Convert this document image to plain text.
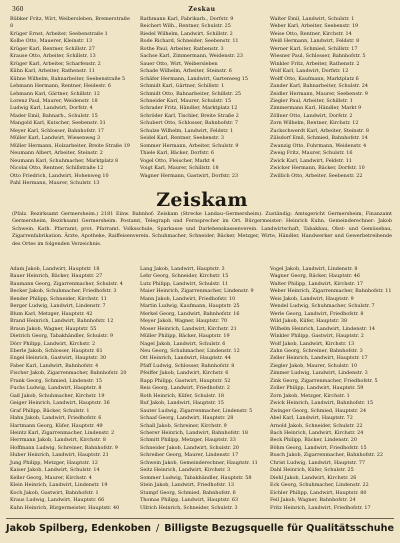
360	Zeskau
Rübker Fritz, Wirt, Weibersleben, Bremerstraße 8
Krüger Ernst, Arbeiter, Seebenstraße 1
Kolbe Otto, Mauerer, Kleinstr. 13
Krüger Karl, Rentner, Schillstr. 27
Krause Otto, Arbeiter, Schillstr. 13
Krüger Karl, Arbeiter, Scharfenstr. 2
Kühn Karl, Arbeiter, Rathenstr. 11
Kühne Wilhelm, Bahnarbeiter, Seebenstraße 5
Lehmann Hermann, Rentner, Heidestr. 6
Lehmann Karl, Gärtner, Schillstr. 12
Lorenz Paul, Maurer, Weidenstr. 18
Ludwig Karl, Landwirt, Dorfstr. 4
Mader Emil, Bahnarb., Schulstr. 15
Mangold Karl, Kutscher, Seebenstr. 31
Meyer Karl, Schlosser, Bahnhofstr. 17
Müller Karl, Landwirt, Wiesenweg 3
Müller Hermann, Holzarbeiter, Breite Straße 19
Neumann Albert, Arbeiter, Steinstr. 2
Neumann Karl, Schuhmacher, Marktplatz 8
Nicolai Otto, Rentner, Schillstraße 12
Otto Friedrich, Landwirt, Hohenweg 10
Pahl Hermann, Maurer, Schulstr. 13
Rathmann Karl, Fabrikarb., Dorfstr. 9
Reichert Wilh., Rentner, Schulstr. 25
Riedel Wilhelm, Landwirt, Schillstr. 2
Rode Richard, Schneider, Seebenstr. 11
Rothe Paul, Arbeiter, Rathenstr. 3
Sachse Karl, Zimmermann, Weidenstr. 23
Sauer Otto, Wirt, Weibersleben
Schade Wilhelm, Arbeiter, Steinstr. 6
Schäfer Hermann, Landwirt, Gartenweg 15
Schmidt Karl, Gärtner, Schillstr. 1
Schmidt Otto, Bahnarbeiter, Schillstr. 25
Schneider Karl, Maurer, Schulstr. 15
Schrader Fritz, Händler, Marktplatz 12
Schröder Karl, Tischler, Breite Straße 2
Schubert Otto, Schlosser, Bahnhofstr. 7
Schulze Wilhelm, Landwirt, Feldstr. 1
Seidel Karl, Rentner, Seebenstr. 3
Sommer Hermann, Arbeiter, Schulstr. 9
Thiele Karl, Bäcker, Dorfstr. 6
Vogel Otto, Fleischer, Markt 4
Voigt Karl, Maurer, Schillstr. 18
Wagner Hermann, Gastwirt, Dorfstr. 23
Walter Emil, Landwirt, Schulstr. 1
Weber Karl, Arbeiter, Seebenstr. 19
Weise Otto, Rentner, Kirchstr. 14
Weiß Hermann, Landwirt, Feldstr. 8
Werner Karl, Schmied, Schillstr. 17
Wiesner Paul, Schlosser, Bahnhofstr. 5
Winkler Fritz, Arbeiter, Rathenstr. 2
Wolf Karl, Landwirt, Dorfstr. 12
Wolff Otto, Kaufmann, Marktplatz 6
Zander Karl, Bahnarbeiter, Schulstr. 24
Zeidler Hermann, Maurer, Seebenstr. 9
Ziegler Paul, Arbeiter, Schillstr. 1
Zimmermann Karl, Händler, Markt 9
Zöllner Otto, Landwirt, Dorfstr. 2
Zorn Wilhelm, Rentner, Kirchstr. 12
Zuckschwerdt Karl, Arbeiter, Steinstr. 8
Zülsdorf Emil, Schmied, Bahnhofstr. 14
Zwanzig Otto, Fuhrmann, Weidenstr. 4
Zweig Fritz, Maurer, Schulstr. 16
Zwick Karl, Landwirt, Feldstr. 11
Zwicker Hermann, Bäcker, Dorfstr. 10
Zwillich Otto, Arbeiter, Seebenstr. 22
Zeiskam
(Pfalz. Bezirksamt Germersheim.) 2181 Einw. Bahnhof: Zeiskam (Strecke Landau–Germersheim). Zuständig: Amtsgericht Germersheim, Finanzamt Germersheim, Bezirksamt Germersheim. Postamt, Telegraph und Fernsprecher im Ort. Bürgermeister: Heinrich Kuhn. Gemeinderechner: Jakob Schwein. Kath. Pfarramt, prot. Pfarramt. Volksschule, Sparkasse und Darlehenskassenverein. Landwirtschaft, Tabakbau, Obst- und Gemüsebau, Zigarrenfabrikation. Ärzte, Apotheke, Raiffeisenverein. Schuhmacher, Schneider, Bäcker, Metzger, Wirte, Händler, Handwerker und Gewerbetreibende des Ortes im folgenden Verzeichnis.
Adam Jakob, Landwirt, Hauptstr. 18
Bauer Heinrich, Bäcker, Hauptstr. 27
Baumann Georg, Zigarrenmacher, Schulstr. 4
Becker Jakob, Schuhmacher, Friedhofstr. 3
Bender Philipp, Schneider, Kirchstr. 11
Berger Ludwig, Landwirt, Lindenstr. 7
Blum Karl, Metzger, Hauptstr. 42
Brand Heinrich, Landwirt, Bahnhofstr. 12
Braun Jakob, Wagner, Hauptstr. 55
Dietrich Georg, Tabakhändler, Schulstr. 9
Dörr Philipp, Landwirt, Kirchstr. 2
Eberle Jakob, Schlosser, Hauptstr. 61
Engel Heinrich, Gastwirt, Hauptstr. 30
Faber Karl, Landwirt, Bahnhofstr. 4
Fischer Jakob, Zigarrenmacher, Bahnhofstr. 20
Frank Georg, Schmied, Lindenstr. 15
Fuchs Ludwig, Landwirt, Hauptstr. 8
Gaß Jakob, Schuhmacher, Kirchstr. 19
Geiger Heinrich, Landwirt, Hauptstr. 36
Graf Philipp, Bäcker, Schulstr. 1
Hahn Jakob, Landwirt, Friedhofstr. 6
Hartmann Georg, Küfer, Hauptstr. 49
Heintz Karl, Zigarrenmacher, Lindenstr. 2
Herrmann Jakob, Landwirt, Kirchstr. 8
Hoffmann Ludwig, Schreiner, Bahnhofstr. 9
Huber Heinrich, Landwirt, Hauptstr. 21
Jung Philipp, Metzger, Hauptstr. 12
Kaiser Jakob, Landwirt, Schulstr. 14
Keller Georg, Maurer, Kirchstr. 4
Klein Heinrich, Landwirt, Lindenstr. 19
Koch Jakob, Gastwirt, Bahnhofstr. 1
Kraus Ludwig, Landwirt, Hauptstr. 66
Kuhn Heinrich, Bürgermeister, Hauptstr. 40
Lang Jakob, Landwirt, Hauptstr. 3
Lehr Georg, Schneider, Kirchstr. 15
Lutz Philipp, Landwirt, Schulstr. 11
Maier Heinrich, Zigarrenmacher, Lindenstr. 9
Mann Jakob, Landwirt, Friedhofstr. 10
Martin Ludwig, Kaufmann, Hauptstr. 25
Merkel Georg, Landwirt, Bahnhofstr. 16
Meyer Jakob, Wagner, Hauptstr. 70
Moser Heinrich, Landwirt, Kirchstr. 21
Müller Philipp, Bäcker, Hauptstr. 19
Nagel Jakob, Landwirt, Schulstr. 6
Neu Georg, Schuhmacher, Lindenstr. 12
Ott Heinrich, Landwirt, Hauptstr. 44
Pfaff Ludwig, Schlosser, Bahnhofstr. 8
Pfeiffer Jakob, Landwirt, Kirchstr. 6
Rapp Philipp, Gastwirt, Hauptstr. 52
Reis Georg, Landwirt, Friedhofstr. 2
Roth Heinrich, Küfer, Schulstr. 18
Ruf Jakob, Landwirt, Hauptstr. 15
Sauter Ludwig, Zigarrenmacher, Lindenstr. 5
Schaaf Georg, Landwirt, Hauptstr. 28
Schall Jakob, Schreiner, Kirchstr. 9
Scherer Heinrich, Landwirt, Bahnhofstr. 18
Schmitt Philipp, Metzger, Hauptstr. 33
Schneider Jakob, Landwirt, Schulstr. 20
Schreiber Georg, Maurer, Lindenstr. 17
Schwein Jakob, Gemeinderechner, Hauptstr. 11
Seitz Heinrich, Landwirt, Kirchstr. 3
Sommer Ludwig, Tabakhändler, Hauptstr. 58
Stein Jakob, Landwirt, Friedhofstr. 13
Stumpf Georg, Schmied, Bahnhofstr. 6
Thomas Philipp, Landwirt, Hauptstr. 63
Ullrich Heinrich, Schneider, Schulstr. 3
Vogel Jakob, Landwirt, Lindenstr. 8
Wagner Georg, Bäcker, Hauptstr. 46
Walter Philipp, Landwirt, Kirchstr. 17
Weber Heinrich, Zigarrenmacher, Bahnhofstr. 11
Weis Jakob, Landwirt, Hauptstr. 9
Wendel Ludwig, Schuhmacher, Schulstr. 7
Werle Georg, Landwirt, Friedhofstr. 8
Wild Jakob, Küfer, Hauptstr. 38
Wilhelm Heinrich, Landwirt, Lindenstr. 14
Winkler Philipp, Gastwirt, Hauptstr. 2
Wolf Jakob, Landwirt, Kirchstr. 13
Zahn Georg, Schreiner, Bahnhofstr. 3
Zeller Heinrich, Landwirt, Hauptstr. 17
Ziegler Jakob, Maurer, Schulstr. 10
Zimmer Ludwig, Landwirt, Lindenstr. 3
Zink Georg, Zigarrenmacher, Friedhofstr. 5
Zoller Philipp, Landwirt, Hauptstr. 59
Zorn Jakob, Metzger, Kirchstr. 1
Zwick Heinrich, Landwirt, Bahnhofstr. 15
Zwinger Georg, Schmied, Hauptstr. 24
Abel Karl, Landwirt, Hauptstr. 72
Arnold Jakob, Schneider, Schulstr. 22
Bach Heinrich, Landwirt, Kirchstr. 24
Beck Philipp, Bäcker, Lindenstr. 20
Böhm Georg, Landwirt, Friedhofstr. 15
Busch Jakob, Zigarrenmacher, Bahnhofstr. 22
Christ Ludwig, Landwirt, Hauptstr. 77
Dahl Heinrich, Küfer, Schulstr. 25
Diehl Jakob, Landwirt, Kirchstr. 26
Eck Georg, Schuhmacher, Lindenstr. 22
Eichler Philipp, Landwirt, Hauptstr. 80
Feil Jakob, Wagner, Bahnhofstr. 24
Fritz Heinrich, Landwirt, Friedhofstr. 17
Jakob Spilberg, Edenkoben / Billigste Bezugsquelle für Qualitätsschuhe
